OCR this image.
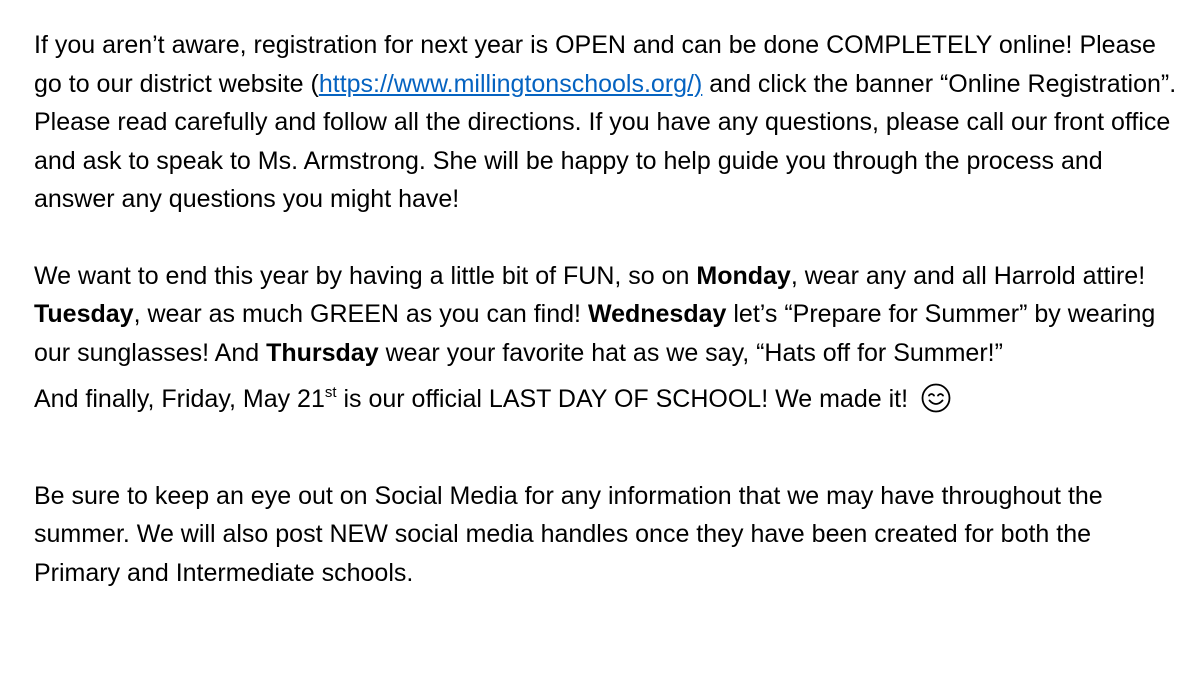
If you aren’t aware, registration for next year is OPEN and can be done COMPLETELY online! Please go to our district website (https://www.millingtonschools.org/) and click the banner “Online Registration”. Please read carefully and follow all the directions. If you have any questions, please call our front office and ask to speak to Ms. Armstrong. She will be happy to help guide you through the process and answer any questions you might have!

We want to end this year by having a little bit of FUN, so on Monday, wear any and all Harrold attire! Tuesday, wear as much GREEN as you can find! Wednesday let’s “Prepare for Summer” by wearing our sunglasses! And Thursday wear your favorite hat as we say, “Hats off for Summer!”

And finally, Friday, May 21st is our official LAST DAY OF SCHOOL! We made it!

Be sure to keep an eye out on Social Media for any information that we may have throughout the summer. We will also post NEW social media handles once they have been created for both the Primary and Intermediate schools.
